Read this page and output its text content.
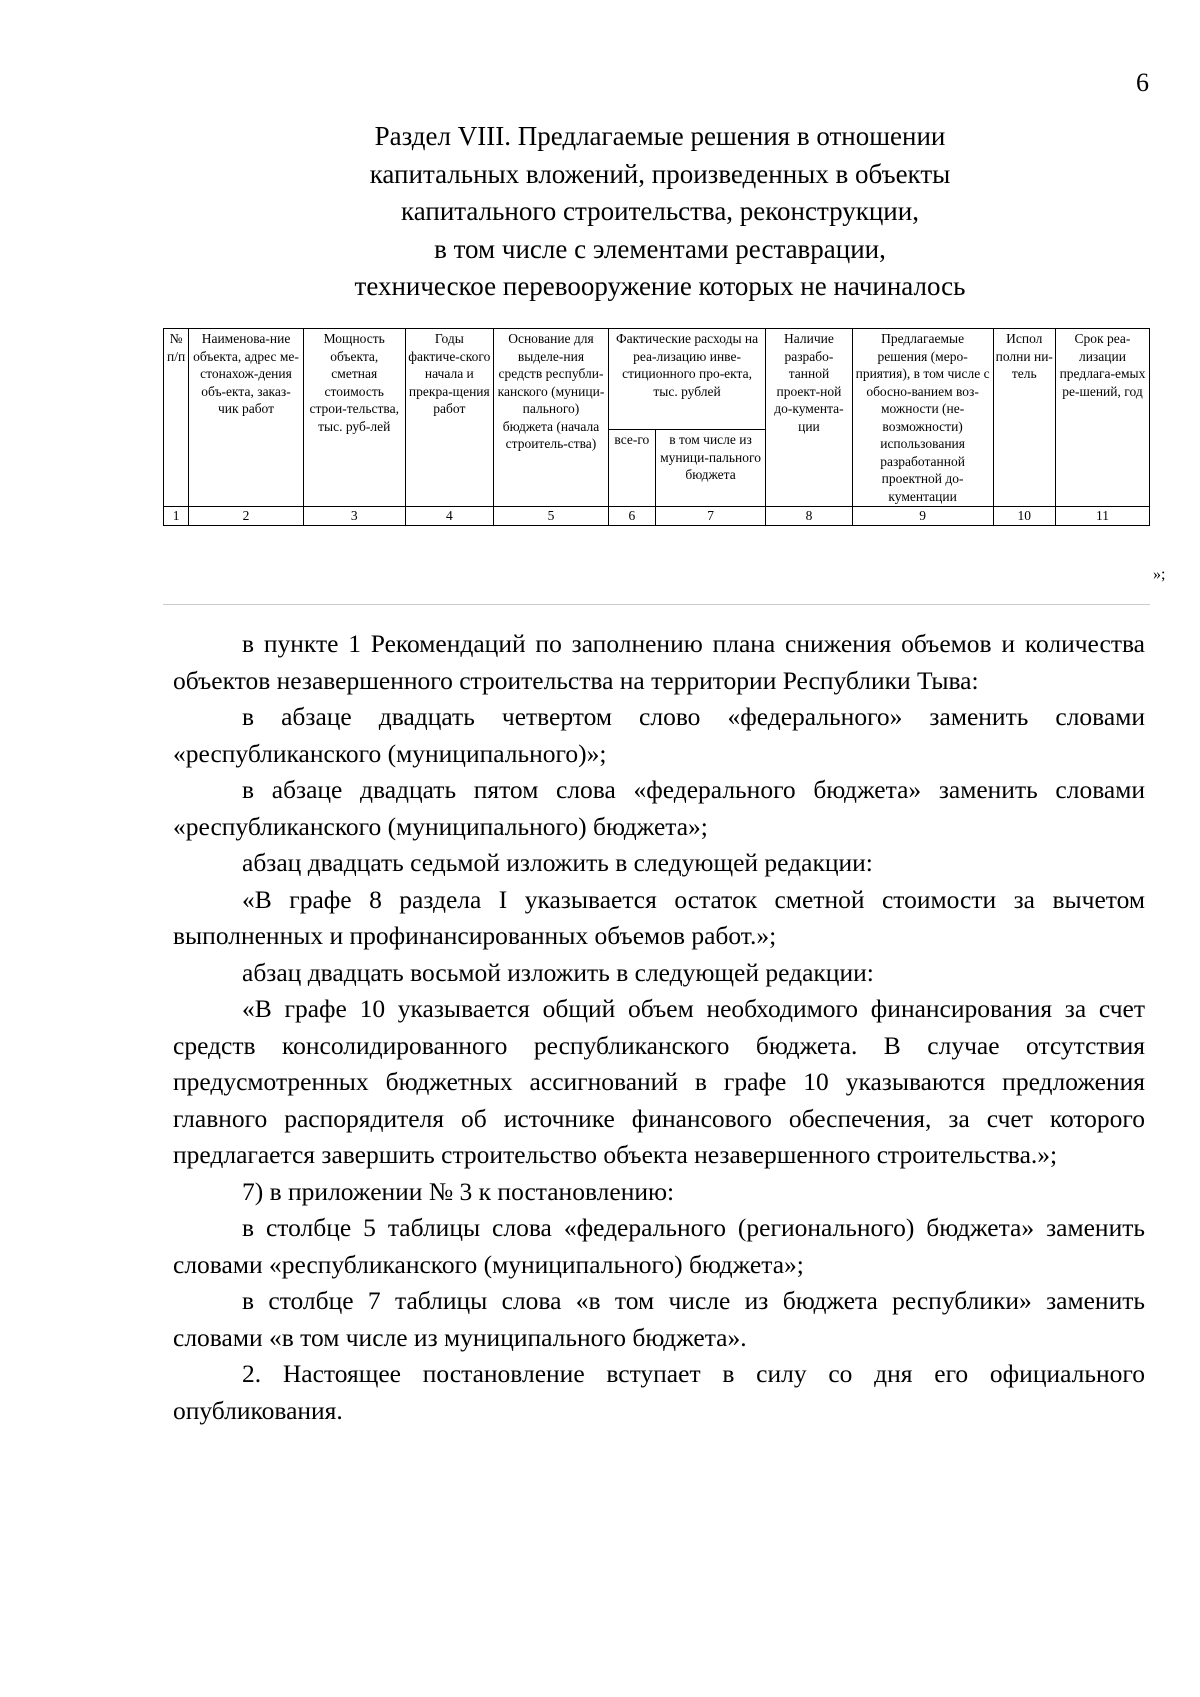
6
Раздел VIII. Предлагаемые решения в отношении
капитальных вложений, произведенных в объекты
капитального строительства, реконструкции,
в том числе с элементами реставрации,
техническое перевооружение которых не начиналось
№ п/п	Наименова-ние объекта, адрес ме-стонахож-дения объ-екта, заказ-чик работ	Мощность объекта, сметная стоимость строи-тельства, тыс. руб-лей	Годы фактиче-ского начала и прекра-щения работ	Основание для выделе-ния средств республи-канского (муници-пального) бюджета (начала строитель-ства)	Фактические расходы на реа-лизацию инве-стиционного про-екта, тыс. рублей		Наличие разрабо-танной проект-ной до-кумента-ции	Предлагаемые решения (меро-приятия), в том числе с обосно-ванием воз-можности (не-возможности) использования разработанной проектной до-кументации	Испол полни ни-тель	Срок реа-лизации предлага-емых ре-шений, год
					все-го	в том числе из муници-пального бюджета				
1	2	3	4	5	6	7	8	9	10	11
»;

в пункте 1 Рекомендаций по заполнению плана снижения объемов и количества объектов незавершенного строительства на территории Республики Тыва:

в абзаце двадцать четвертом слово «федерального» заменить словами «республиканского (муниципального)»;

в абзаце двадцать пятом слова «федерального бюджета» заменить словами «республиканского (муниципального) бюджета»;

абзац двадцать седьмой изложить в следующей редакции:

«В графе 8 раздела I указывается остаток сметной стоимости за вычетом выполненных и профинансированных объемов работ.»;

абзац двадцать восьмой изложить в следующей редакции:

«В графе 10 указывается общий объем необходимого финансирования за счет средств консолидированного республиканского бюджета. В случае отсутствия предусмотренных бюджетных ассигнований в графе 10 указываются предложения главного распорядителя об источнике финансового обеспечения, за счет которого предлагается завершить строительство объекта незавершенного строительства.»;

7) в приложении № 3 к постановлению:

в столбце 5 таблицы слова «федерального (регионального) бюджета» заменить словами «республиканского (муниципального) бюджета»;

в столбце 7 таблицы слова «в том числе из бюджета республики» заменить словами «в том числе из муниципального бюджета».

2. Настоящее постановление вступает в силу со дня его официального опубликования.
